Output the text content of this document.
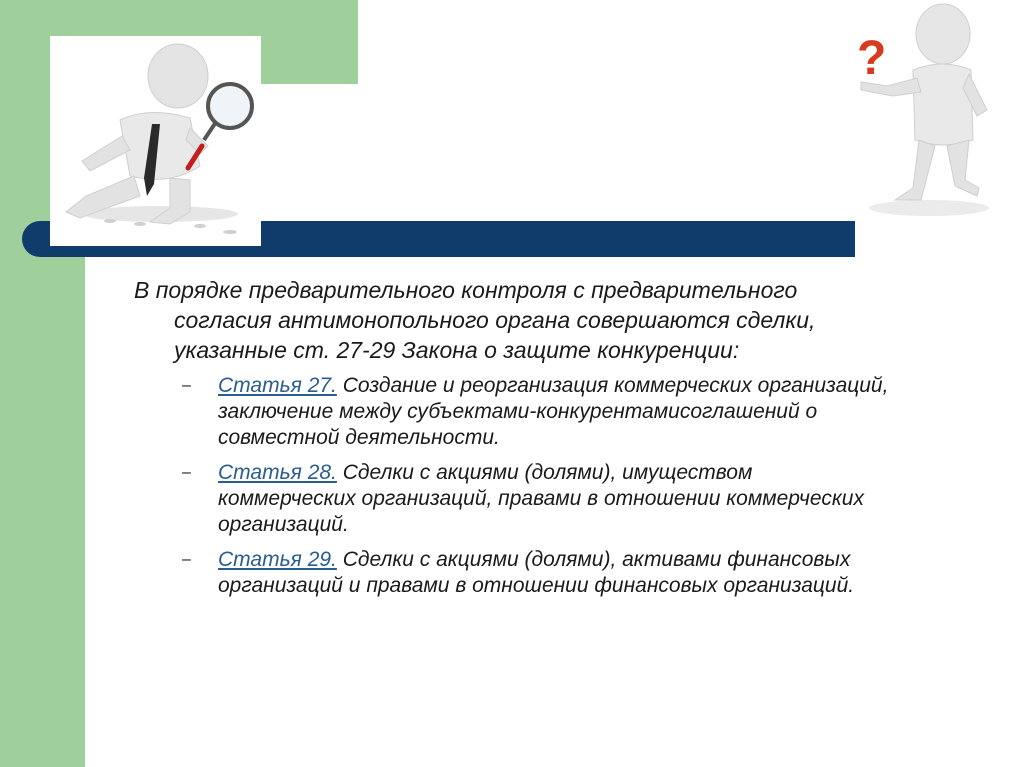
?

В порядке предварительного контроля с предварительного согласия антимонопольного органа совершаются сделки, указанные ст. 27-29 Закона о защите конкуренции:

– Статья 27. Создание и реорганизация коммерческих организаций, заключение между субъектами-конкурентамисоглашений о совместной деятельности.
– Статья 28. Сделки с акциями (долями), имуществом коммерческих организаций, правами в отношении коммерческих организаций.
– Статья 29. Сделки с акциями (долями), активами финансовых организаций и правами в отношении финансовых организаций.
